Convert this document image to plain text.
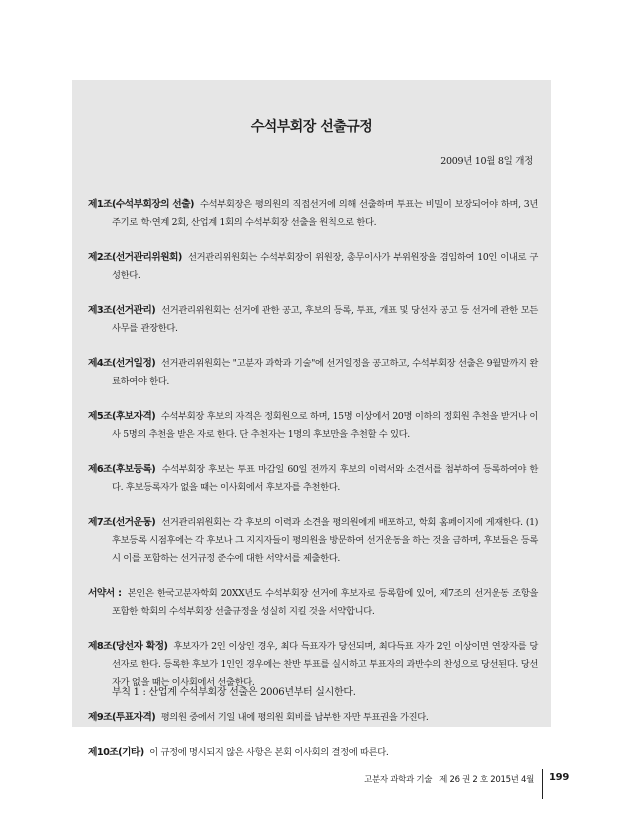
수석부회장 선출규정
2009년 10월 8일 개정
제1조(수석부회장의 선출) 수석부회장은 평의원의 직접선거에 의해 선출하며 투표는 비밀이 보장되어야 하며, 3년 주기로 학·연계 2회, 산업계 1회의 수석부회장 선출을 원칙으로 한다.
제2조(선거관리위원회) 선거관리위원회는 수석부회장이 위원장, 총무이사가 부위원장을 겸임하여 10인 이내로 구성한다.
제3조(선거관리) 선거관리위원회는 선거에 관한 공고, 후보의 등록, 투표, 개표 및 당선자 공고 등 선거에 관한 모든 사무를 관장한다.
제4조(선거일정) 선거관리위원회는 "고분자 과학과 기술"에 선거일정을 공고하고, 수석부회장 선출은 9월말까지 완료하여야 한다.
제5조(후보자격) 수석부회장 후보의 자격은 정회원으로 하며, 15명 이상에서 20명 이하의 정회원 추천을 받거나 이사 5명의 추천을 받은 자로 한다. 단 추천자는 1명의 후보만을 추천할 수 있다.
제6조(후보등록) 수석부회장 후보는 투표 마감일 60일 전까지 후보의 이력서와 소견서를 첨부하여 등록하여야 한다. 후보등록자가 없을 때는 이사회에서 후보자를 추천한다.
제7조(선거운동) 선거관리위원회는 각 후보의 이력과 소견을 평의원에게 배포하고, 학회 홈페이지에 게재한다. (1) 후보등록 시점후에는 각 후보나 그 지지자들이 평의원을 방문하여 선거운동을 하는 것을 금하며, 후보들은 등록 시 이를 포함하는 선거규정 준수에 대한 서약서를 제출한다.
서약서 : 본인은 한국고분자학회 20XX년도 수석부회장 선거에 후보자로 등록함에 있어, 제7조의 선거운동 조항을 포함한 학회의 수석부회장 선출규정을 성실히 지킬 것을 서약합니다.
제8조(당선자 확정) 후보자가 2인 이상인 경우, 최다 득표자가 당선되며, 최다득표 자가 2인 이상이면 연장자를 당선자로 한다. 등록한 후보가 1인인 경우에는 찬반 투표를 실시하고 투표자의 과반수의 찬성으로 당선된다. 당선자가 없을 때는 이사회에서 선출한다.
제9조(투표자격) 평의원 중에서 기일 내에 평의원 회비를 납부한 자만 투표권을 가진다.
제10조(기타) 이 규정에 명시되지 않은 사항은 본회 이사회의 결정에 따른다.
부칙 1 : 산업계 수석부회장 선출은 2006년부터 실시한다.
고분자 과학과 기술 제 26 권 2 호 2015년 4월 199
